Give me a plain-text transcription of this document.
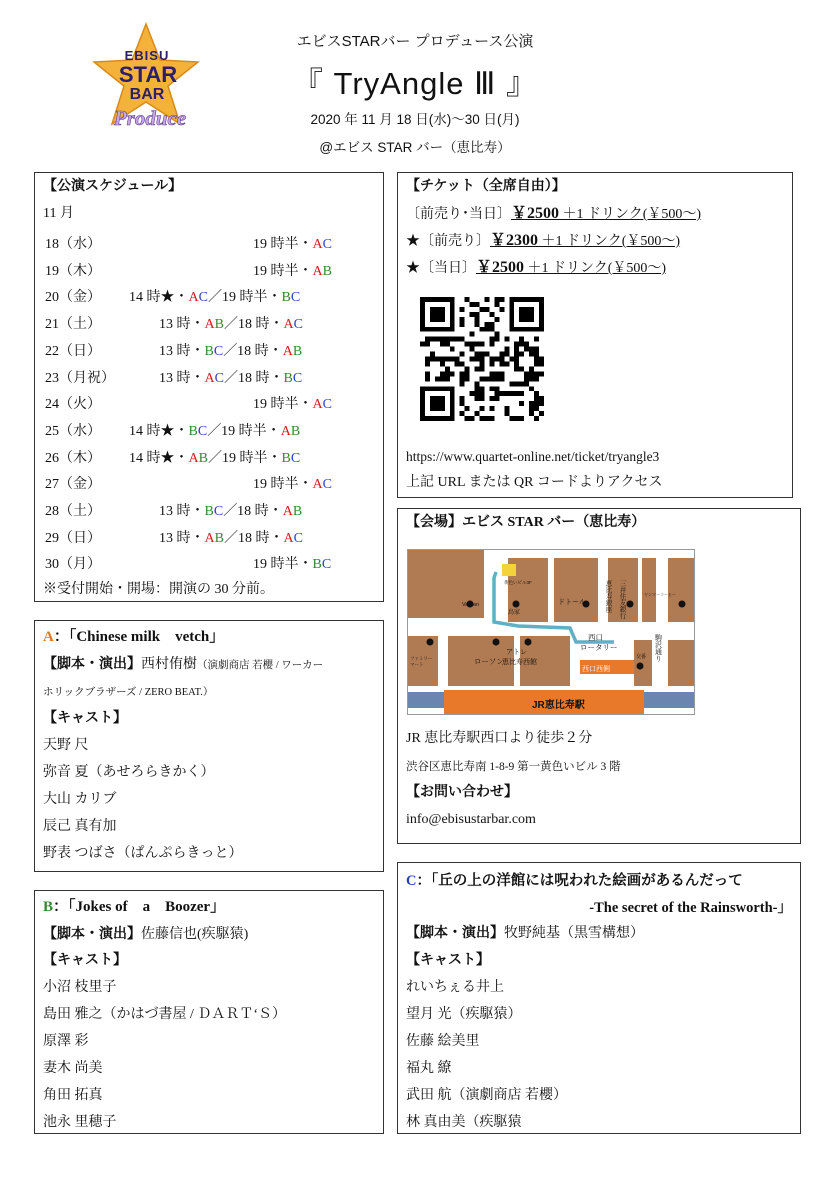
EBISU
STAR
BAR
Produce
エビスSTARバー プロデュース公演
『 TryAngle Ⅲ 』
2020 年 11 月 18 日(水)〜30 日(月)
@エビス STAR バー（恵比寿）
【公演スケジュール】
11 月
18（水）	19 時半・AC
19（木）	19 時半・AB
20（金） 14 時★・AC／19 時半・BC
21（土）	13 時・AB／18 時・AC
22（日）	13 時・BC／18 時・AB
23（月祝）	13 時・AC／18 時・BC
24（火）	19 時半・AC
25（水） 14 時★・BC／19 時半・AB
26（木） 14 時★・AB／19 時半・BC
27（金）	19 時半・AC
28（土）	13 時・BC／18 時・AB
29（日）	13 時・AB／18 時・AC
30（月）	19 時半・BC
※受付開始・開場：開演の 30 分前。
【チケット（全席自由）】
〔前売り･当日〕￥2500 ＋1 ドリンク(￥500〜)
★〔前売り〕￥2300 ＋1 ドリンク(￥500〜)
★〔当日〕￥2500 ＋1 ドリンク(￥500〜)
https://www.quartet-online.net/ticket/tryangle3
上記 URL または QR コードよりアクセス
【会場】エビス STAR バー（恵比寿）
アトレ
恵比寿西館
ローソン
西口
ロータリー
西口西側
JR恵比寿駅
ドトール
Vantan
鳥家
ファミリー
マート
黄色いビル3F
ヤンマーコーヒー
交番
恵比寿銀座 三井住友銀行
駒沢通り
JR 恵比寿駅西口より徒歩２分
渋谷区恵比寿南 1-8-9 第一黄色いビル 3 階
【お問い合わせ】
info@ebisustarbar.com
A：「Chinese milk　vetch」
【脚本・演出】西村侑樹（演劇商店 若櫻 / ワーカー
ホリックブラザーズ / ZERO BEAT.）
【キャスト】
天野 尺
弥音 夏（あせろらきかく）
大山 カリブ
辰己 真有加
野表 つばさ（ぱんぷらきっと）
B：「Jokes of　a　Boozer」
【脚本・演出】佐藤信也(疾駆猿)
【キャスト】
小沼 枝里子
島田 雅之（かはづ書屋 / ＤＡＲＴ‘Ｓ）
原澤 彩
妻木 尚美
角田 拓真
池永 里穂子
C：「丘の上の洋館には呪われた絵画があるんだって
-The secret of the Rainsworth-」
【脚本・演出】牧野純基（黒雪構想）
【キャスト】
れいちぇる井上
望月 光（疾駆猿）
佐藤 絵美里
福丸 繚
武田 航（演劇商店 若櫻）
林 真由美（疾駆猿
